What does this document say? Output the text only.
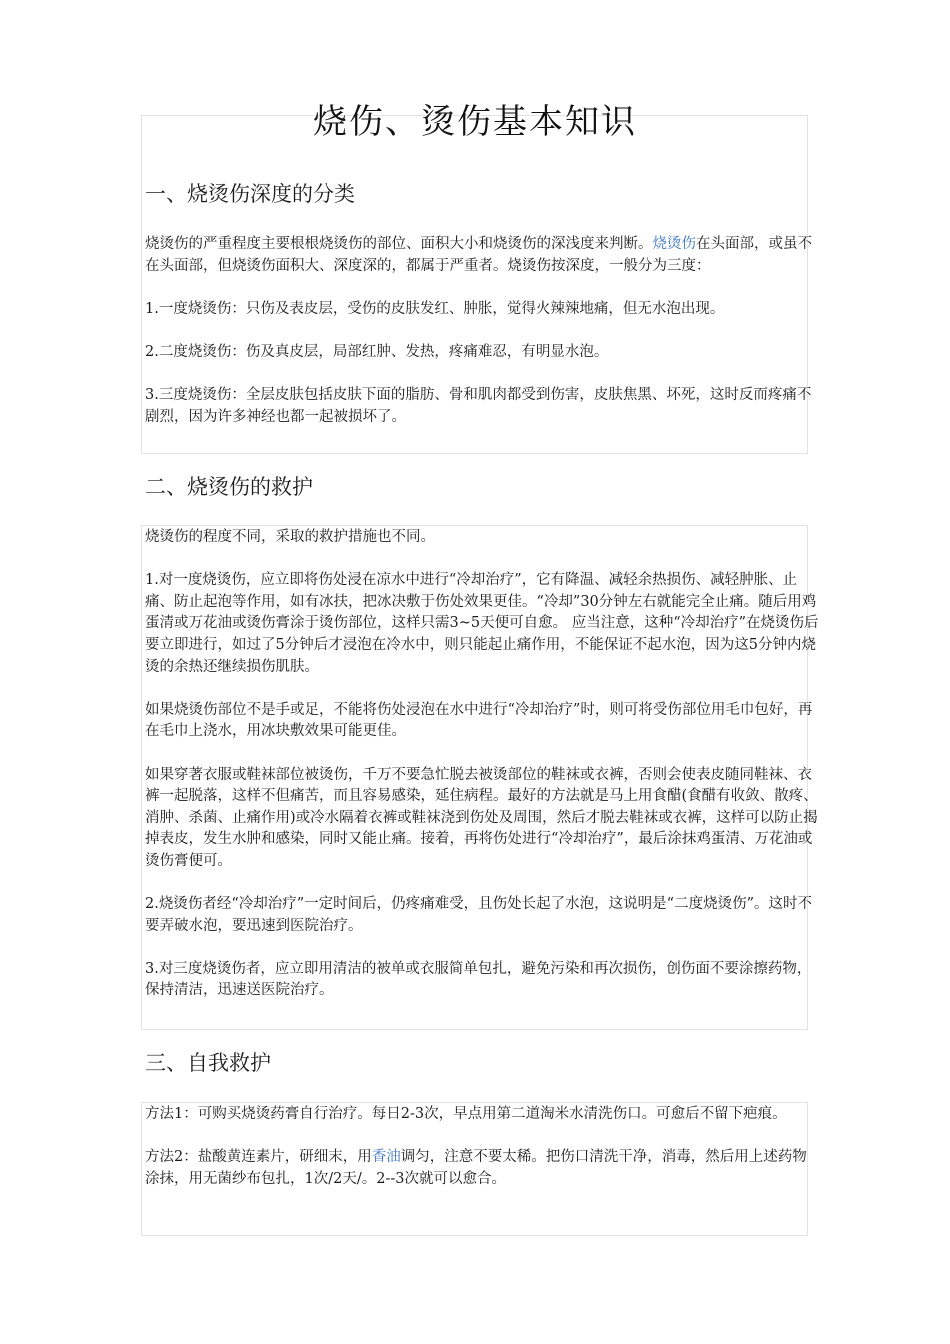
烧伤、烫伤基本知识
一、烧烫伤深度的分类

烧烫伤的严重程度主要根根烧烫伤的部位、面积大小和烧烫伤的深浅度来判断。烧烫伤在头面部，或虽不在头面部，但烧烫伤面积大、深度深的，都属于严重者。烧烫伤按深度，一般分为三度：

1.一度烧烫伤：只伤及表皮层，受伤的皮肤发红、肿胀，觉得火辣辣地痛，但无水泡出现。

2.二度烧烫伤：伤及真皮层，局部红肿、发热，疼痛难忍，有明显水泡。

3.三度烧烫伤：全层皮肤包括皮肤下面的脂肪、骨和肌肉都受到伤害，皮肤焦黑、坏死，这时反而疼痛不剧烈，因为许多神经也都一起被损坏了。

二、烧烫伤的救护

烧烫伤的程度不同，采取的救护措施也不同。

1.对一度烧烫伤，应立即将伤处浸在凉水中进行“冷却治疗”，它有降温、减轻余热损伤、减轻肿胀、止痛、防止起泡等作用，如有冰扶，把冰决敷于伤处效果更佳。“冷却”30分钟左右就能完全止痛。随后用鸡蛋清或万花油或烫伤膏涂于烫伤部位，这样只需3~5天便可自愈。 应当注意，这种“冷却治疗”在烧烫伤后要立即进行，如过了5分钟后才浸泡在冷水中，则只能起止痛作用，不能保证不起水泡，因为这5分钟内烧烫的余热还继续损伤肌肤。

如果烧烫伤部位不是手或足，不能将伤处浸泡在水中进行“冷却治疗”时，则可将受伤部位用毛巾包好，再在毛巾上浇水，用冰块敷效果可能更佳。

如果穿著衣服或鞋袜部位被烫伤，千万不要急忙脱去被烫部位的鞋袜或衣裤，否则会使表皮随同鞋袜、衣裤一起脱落，这样不但痛苦，而且容易感染，延住病程。最好的方法就是马上用食醋(食醋有收敛、散疼、消肿、杀菌、止痛作用)或冷水隔着衣裤或鞋袜浇到伤处及周围，然后才脱去鞋袜或衣裤，这样可以防止揭掉表皮，发生水肿和感染，同时又能止痛。接着，再将伤处进行“冷却治疗”，最后涂抹鸡蛋清、万花油或烫伤膏便可。

2.烧烫伤者经“冷却治疗”一定时间后，仍疼痛难受，且伤处长起了水泡，这说明是“二度烧烫伤”。这时不要弄破水泡，要迅速到医院治疗。

3.对三度烧烫伤者，应立即用清洁的被单或衣服简单包扎，避免污染和再次损伤，创伤面不要涂擦药物，保持清洁，迅速送医院治疗。

三、自我救护

方法1：可购买烧烫药膏自行治疗。每日2-3次，早点用第二道淘米水清洗伤口。可愈后不留下疤痕。

方法2：盐酸黄连素片，研细末，用香油调匀，注意不要太稀。把伤口清洗干净，消毒，然后用上述药物涂抹，用无菌纱布包扎，1次/2天/。2--3次就可以愈合。
